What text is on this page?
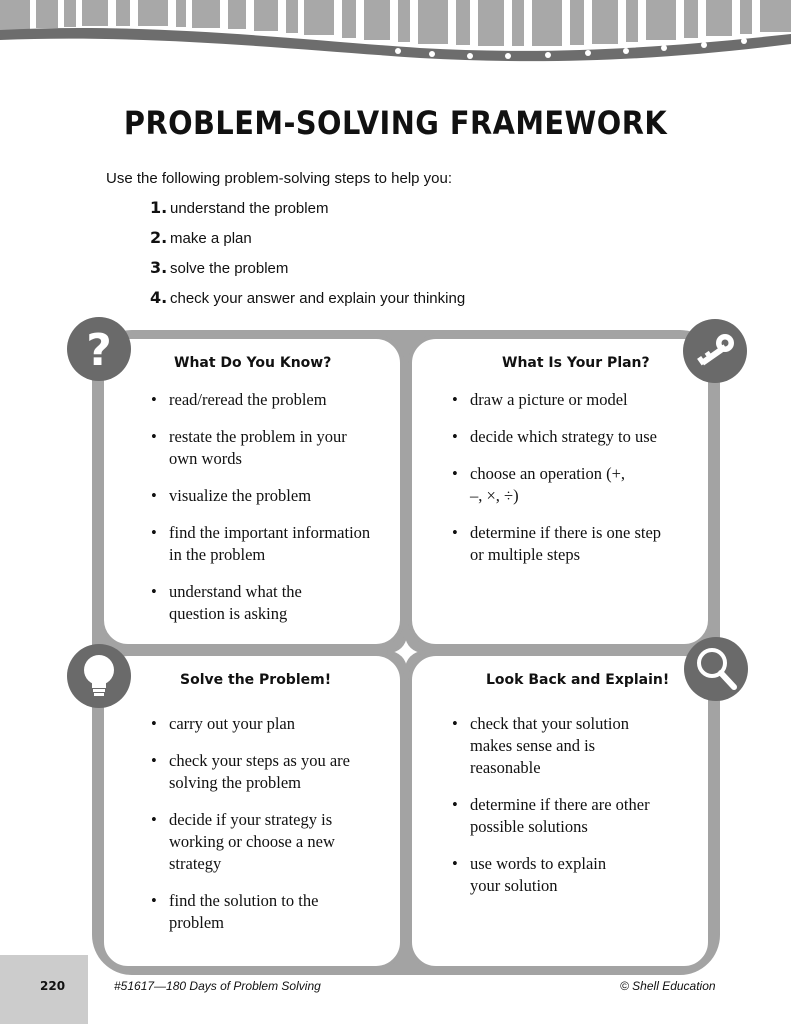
PROBLEM-SOLVING FRAMEWORK
Use the following problem-solving steps to help you:
1. understand the problem
2. make a plan
3. solve the problem
4. check your answer and explain your thinking
What Do You Know?
• read/reread the problem
• restate the problem in your own words
• visualize the problem
• find the important information in the problem
• understand what the question is asking
What Is Your Plan?
• draw a picture or model
• decide which strategy to use
• choose an operation (+, –, ×, ÷)
• determine if there is one step or multiple steps
Solve the Problem!
• carry out your plan
• check your steps as you are solving the problem
• decide if your strategy is working or choose a new strategy
• find the solution to the problem
Look Back and Explain!
• check that your solution makes sense and is reasonable
• determine if there are other possible solutions
• use words to explain your solution
?
220	#51617—180 Days of Problem Solving	© Shell Education
